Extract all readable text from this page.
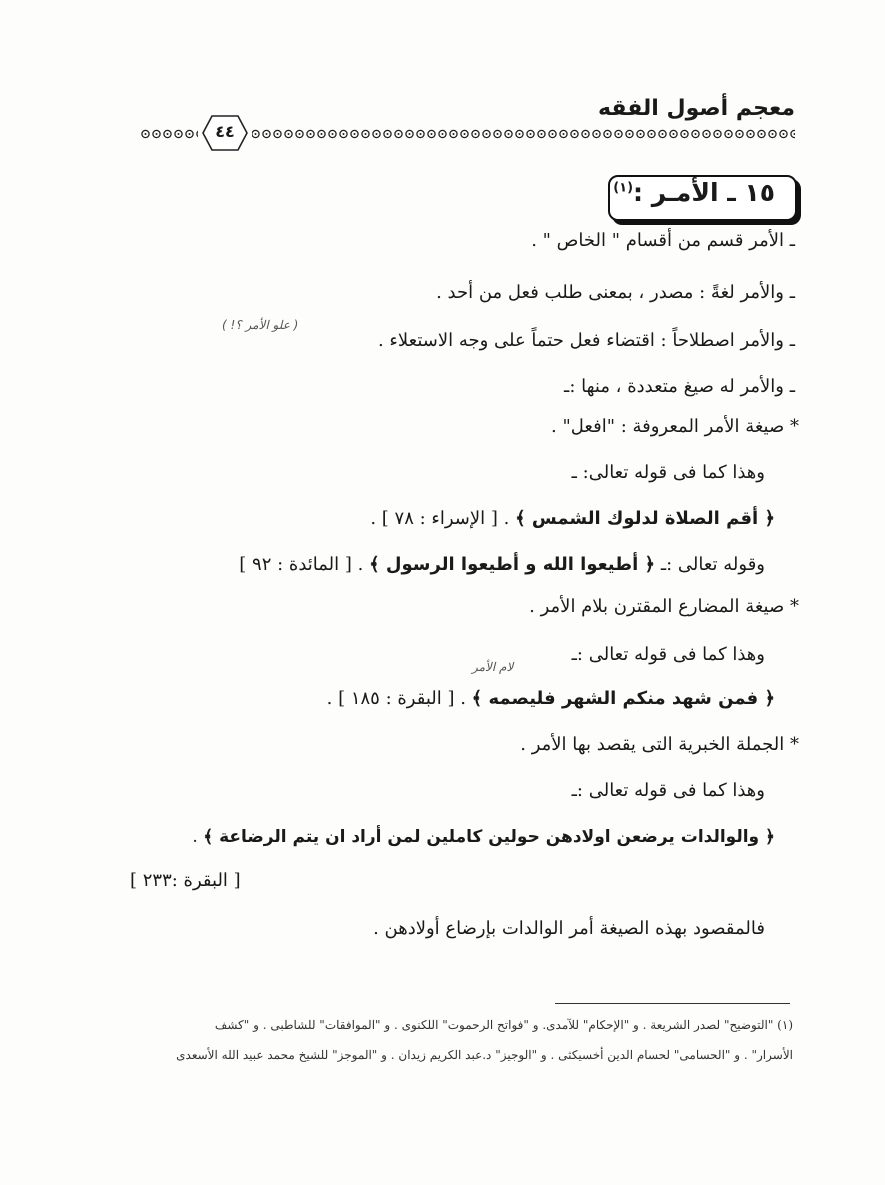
معجم أصول الفقه
٤٤
١٥ ـ الأمـر :$^{(١)}$
ـ الأمر قسم من أقسام " الخاص " .
ـ والأمر لغةً : مصدر ، بمعنى طلب فعل من أحد .
ـ والأمر اصطلاحاً : اقتضاء فعل حتماً على وجه الاستعلاء .
( علو الأمر ؟! )
ـ والأمر له صيغ متعددة ، منها :ـ
* صيغة الأمر المعروفة : "افعل" .
وهذا كما فى قوله تعالى: ـ
﴿ أقم الصلاة لدلوك الشمس ﴾ . [ الإسراء : ٧٨ ] .
وقوله تعالى :ـ ﴿ أطيعوا الله و أطيعوا الرسول ﴾ . [ المائدة : ٩٢ ]
* صيغة المضارع المقترن بلام الأمر .
وهذا كما فى قوله تعالى :ـ
لام الأمر
﴿ فمن شهد منكم الشهر فليصمه ﴾ . [ البقرة : ١٨٥ ] .
* الجملة الخبرية التى يقصد بها الأمر .
وهذا كما فى قوله تعالى :ـ
﴿ والوالدات يرضعن اولادهن حولين كاملين لمن أراد ان يتم الرضاعة ﴾ .
[ البقرة :٢٣٣ ]
فالمقصود بهذه الصيغة أمر الوالدات بإرضاع أولادهن .
(١) "التوضيح" لصدر الشريعة . و "الإحكام" للآمدى. و "فواتح الرحموت" اللكنوى . و "الموافقات" للشاطبى . و "كشف
الأسرار" . و "الحسامى" لحسام الدين أخسيكثى . و "الوجيز" د.عبد الكريم زيدان . و "الموجز" للشيخ محمد عبيد الله الأسعدى
